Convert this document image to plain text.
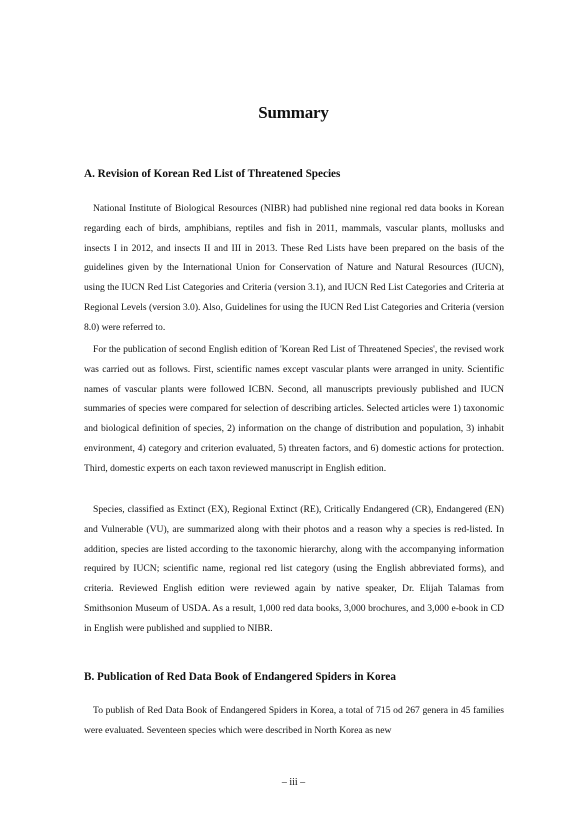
Summary
A. Revision of Korean Red List of Threatened Species

National Institute of Biological Resources (NIBR) had published nine regional red data books in Korean regarding each of birds, amphibians, reptiles and fish in 2011, mammals, vascular plants, mollusks and insects I in 2012, and insects II and III in 2013. These Red Lists have been prepared on the basis of the guidelines given by the International Union for Conservation of Nature and Natural Resources (IUCN), using the IUCN Red List Categories and Criteria (version 3.1), and IUCN Red List Categories and Criteria at Regional Levels (version 3.0). Also, Guidelines for using the IUCN Red List Categories and Criteria (version 8.0) were referred to.

For the publication of second English edition of 'Korean Red List of Threatened Species', the revised work was carried out as follows. First, scientific names except vascular plants were arranged in unity. Scientific names of vascular plants were followed ICBN. Second, all manuscripts previously published and IUCN summaries of species were compared for selection of describing articles. Selected articles were 1) taxonomic and biological definition of species, 2) information on the change of distribution and population, 3) inhabit environment, 4) category and criterion evaluated, 5) threaten factors, and 6) domestic actions for protection. Third, domestic experts on each taxon reviewed manuscript in English edition.

Species, classified as Extinct (EX), Regional Extinct (RE), Critically Endangered (CR), Endangered (EN) and Vulnerable (VU), are summarized along with their photos and a reason why a species is red-listed. In addition, species are listed according to the taxonomic hierarchy, along with the accompanying information required by IUCN; scientific name, regional red list category (using the English abbreviated forms), and criteria. Reviewed English edition were reviewed again by native speaker, Dr. Elijah Talamas from Smithsonion Museum of USDA. As a result, 1,000 red data books, 3,000 brochures, and 3,000 e-book in CD in English were published and supplied to NIBR.

B. Publication of Red Data Book of Endangered Spiders in Korea

To publish of Red Data Book of Endangered Spiders in Korea, a total of 715 od 267 genera in 45 families were evaluated. Seventeen species which were described in North Korea as new

– iii –
